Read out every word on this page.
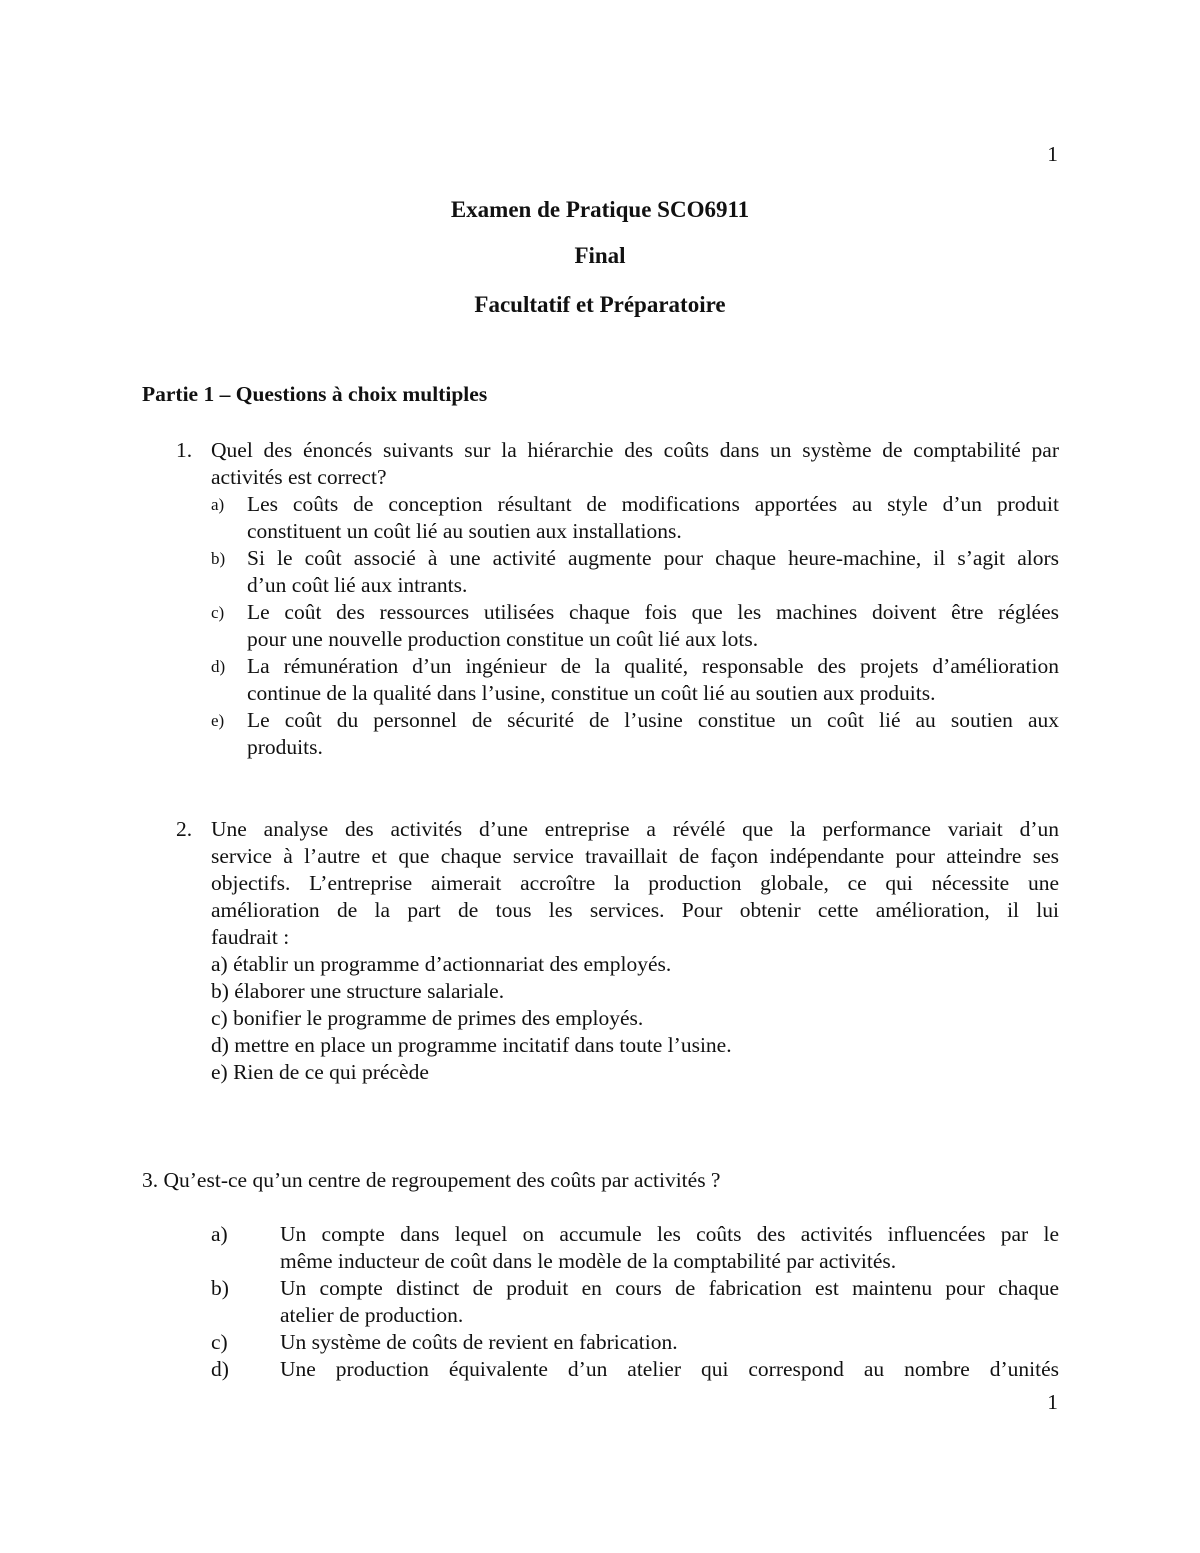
1
Examen de Pratique SCO6911
Final
Facultatif et Préparatoire
Partie 1 – Questions à choix multiples
1. Quel des énoncés suivants sur la hiérarchie des coûts dans un système de comptabilité par
activités est correct?
a) Les coûts de conception résultant de modifications apportées au style d’un produit
constituent un coût lié au soutien aux installations.
b) Si le coût associé à une activité augmente pour chaque heure-machine, il s’agit alors
d’un coût lié aux intrants.
c) Le coût des ressources utilisées chaque fois que les machines doivent être réglées
pour une nouvelle production constitue un coût lié aux lots.
d) La rémunération d’un ingénieur de la qualité, responsable des projets d’amélioration
continue de la qualité dans l’usine, constitue un coût lié au soutien aux produits.
e) Le coût du personnel de sécurité de l’usine constitue un coût lié au soutien aux
produits.
2. Une analyse des activités d’une entreprise a révélé que la performance variait d’un
service à l’autre et que chaque service travaillait de façon indépendante pour atteindre ses
objectifs. L’entreprise aimerait accroître la production globale, ce qui nécessite une
amélioration de la part de tous les services. Pour obtenir cette amélioration, il lui
faudrait :
a) établir un programme d’actionnariat des employés.
b) élaborer une structure salariale.
c) bonifier le programme de primes des employés.
d) mettre en place un programme incitatif dans toute l’usine.
e) Rien de ce qui précède
3. Qu’est-ce qu’un centre de regroupement des coûts par activités ?
a) Un compte dans lequel on accumule les coûts des activités influencées par le
même inducteur de coût dans le modèle de la comptabilité par activités.
b) Un compte distinct de produit en cours de fabrication est maintenu pour chaque
atelier de production.
c) Un système de coûts de revient en fabrication.
d) Une production équivalente d’un atelier qui correspond au nombre d’unités
1
